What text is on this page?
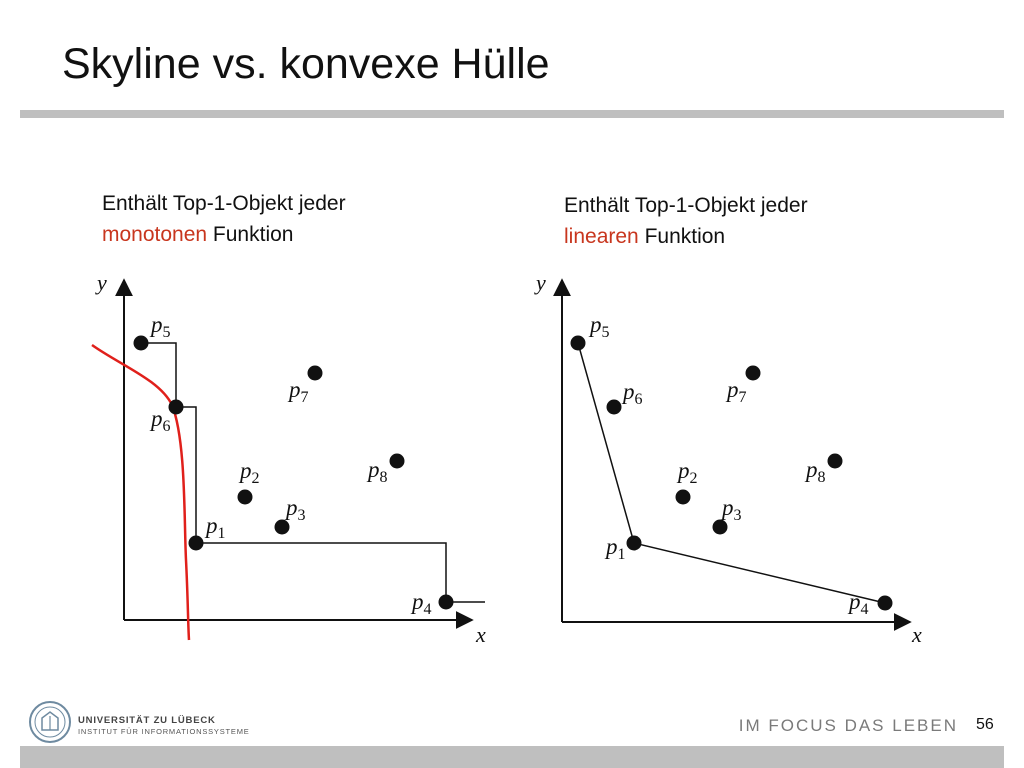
Skyline vs. konvexe Hülle
Enthält Top-1-Objekt jeder
monotonen Funktion
Enthält Top-1-Objekt jeder
linearen Funktion
y
x
$p_5$
$p_6$
$p_7$
$p_8$
$p_2$
$p_3$
$p_1$
$p_4$
y
x
$p_5$
$p_6$	$p_7$
$p_8$
$p_2$
$p_3$
$p_1$
$p_4$
UNIVERSITÄT ZU LÜBECK
INSTITUT FÜR INFORMATIONSSYSTEME	IM FOCUS DAS LEBEN 56
